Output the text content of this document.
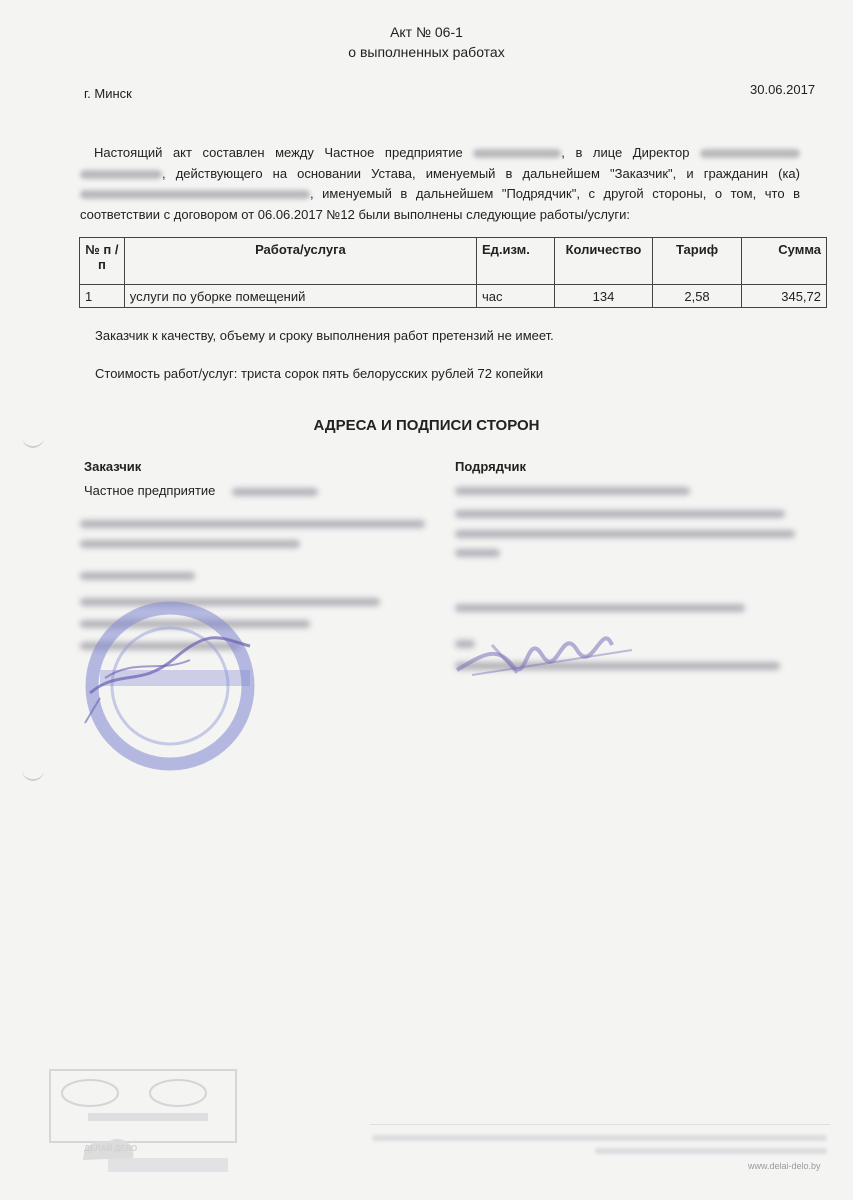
Акт № 06-1
о выполненных работах
г. Минск	30.06.2017
Настоящий акт составлен между Частное предприятие	, в лице Директор  , действующего на основании Устава, именуемый в дальнейшем "Заказчик", и гражданин (ка) , именуемый в дальнейшем "Подрядчик", с другой стороны, о том, что в соответствии с договором от 06.06.2017 №12 были выполнены следующие работы/услуги:
№ п /п	Работа/услуга	Ед.изм.	Количество	Тариф	Сумма
1	услуги по уборке помещений	час	134	2,58	345,72
Заказчик к качеству, объему и сроку выполнения работ претензий не имеет.
Стоимость работ/услуг: триста сорок пять белорусских рублей 72 копейки
АДРЕСА И ПОДПИСИ СТОРОН
Заказчик	Подрядчик
Частное предприятие
ДЕЛАЙ ДЕЛО
www.delai-delo.by
